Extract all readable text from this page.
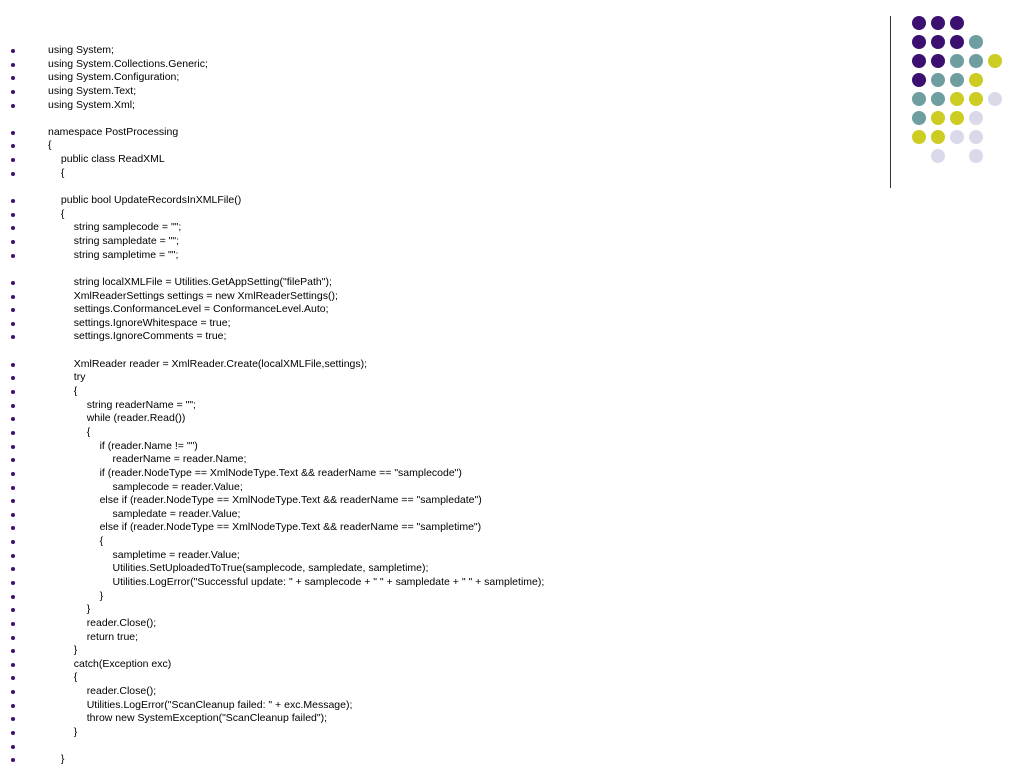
using System;
using System.Collections.Generic;
using System.Configuration;
using System.Text;
using System.Xml;
namespace PostProcessing
{
public class ReadXML
{
public bool UpdateRecordsInXMLFile()
{
string samplecode = "";
string sampledate = "";
string sampletime = "";
string localXMLFile = Utilities.GetAppSetting("filePath");
XmlReaderSettings settings = new XmlReaderSettings();
settings.ConformanceLevel = ConformanceLevel.Auto;
settings.IgnoreWhitespace = true;
settings.IgnoreComments = true;
XmlReader reader = XmlReader.Create(localXMLFile,settings);
try
{
string readerName = "";
while (reader.Read())
{
if (reader.Name != "")
readerName = reader.Name;
if (reader.NodeType == XmlNodeType.Text && readerName == "samplecode")
samplecode = reader.Value;
else if (reader.NodeType == XmlNodeType.Text && readerName == "sampledate")
sampledate = reader.Value;
else if (reader.NodeType == XmlNodeType.Text && readerName == "sampletime")
{
sampletime = reader.Value;
Utilities.SetUploadedToTrue(samplecode, sampledate, sampletime);
Utilities.LogError("Successful update: " + samplecode + " " + sampledate + " " + sampletime);
}
}
reader.Close();
return true;
}
catch(Exception exc)
{
reader.Close();
Utilities.LogError("ScanCleanup failed: " + exc.Message);
throw new SystemException("ScanCleanup failed");
}
}
